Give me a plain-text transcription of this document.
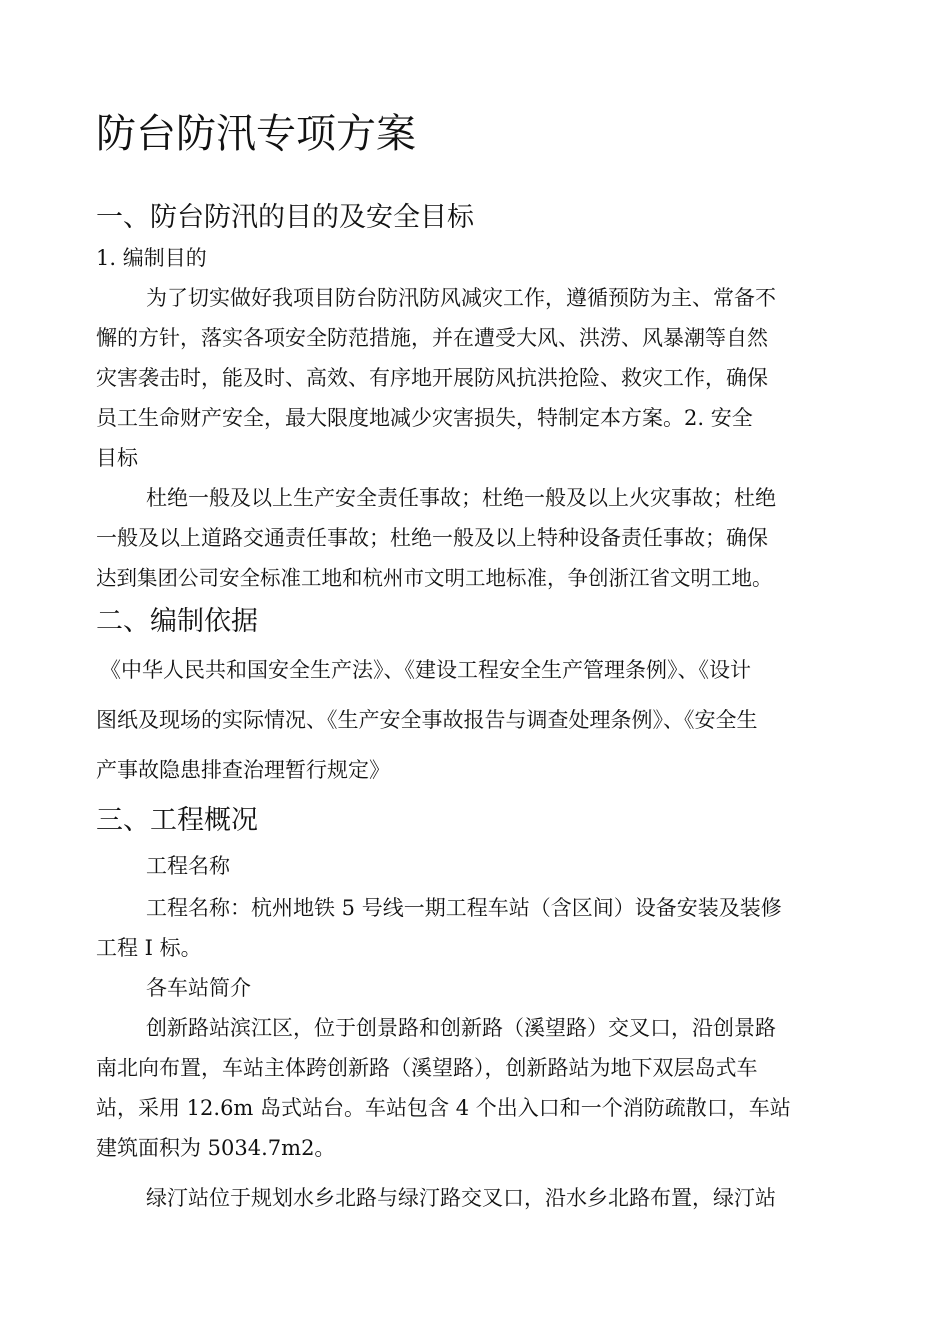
防台防汛专项方案
一、防台防汛的目的及安全目标

1. 编制目的

为了切实做好我项目防台防汛防风减灾工作，遵循预防为主、常备不

懈的方针，落实各项安全防范措施，并在遭受大风、洪涝、风暴潮等自然

灾害袭击时，能及时、高效、有序地开展防风抗洪抢险、救灾工作，确保

员工生命财产安全，最大限度地减少灾害损失，特制定本方案。2. 安全

目标

杜绝一般及以上生产安全责任事故；杜绝一般及以上火灾事故；杜绝

一般及以上道路交通责任事故；杜绝一般及以上特种设备责任事故；确保

达到集团公司安全标准工地和杭州市文明工地标准，争创浙江省文明工地。

二、编制依据

《中华人民共和国安全生产法》、《建设工程安全生产管理条例》、《设计

图纸及现场的实际情况、《生产安全事故报告与调查处理条例》、《安全生

产事故隐患排查治理暂行规定》

三、工程概况

工程名称

工程名称：杭州地铁 5 号线一期工程车站（含区间）设备安装及装修

工程 I 标。

各车站简介

创新路站滨江区，位于创景路和创新路（溪望路）交叉口，沿创景路

南北向布置，车站主体跨创新路（溪望路），创新路站为地下双层岛式车

站，采用 12.6m 岛式站台。车站包含 4 个出入口和一个消防疏散口，车站

建筑面积为 5034.7m2。

绿汀站位于规划水乡北路与绿汀路交叉口，沿水乡北路布置，绿汀站
